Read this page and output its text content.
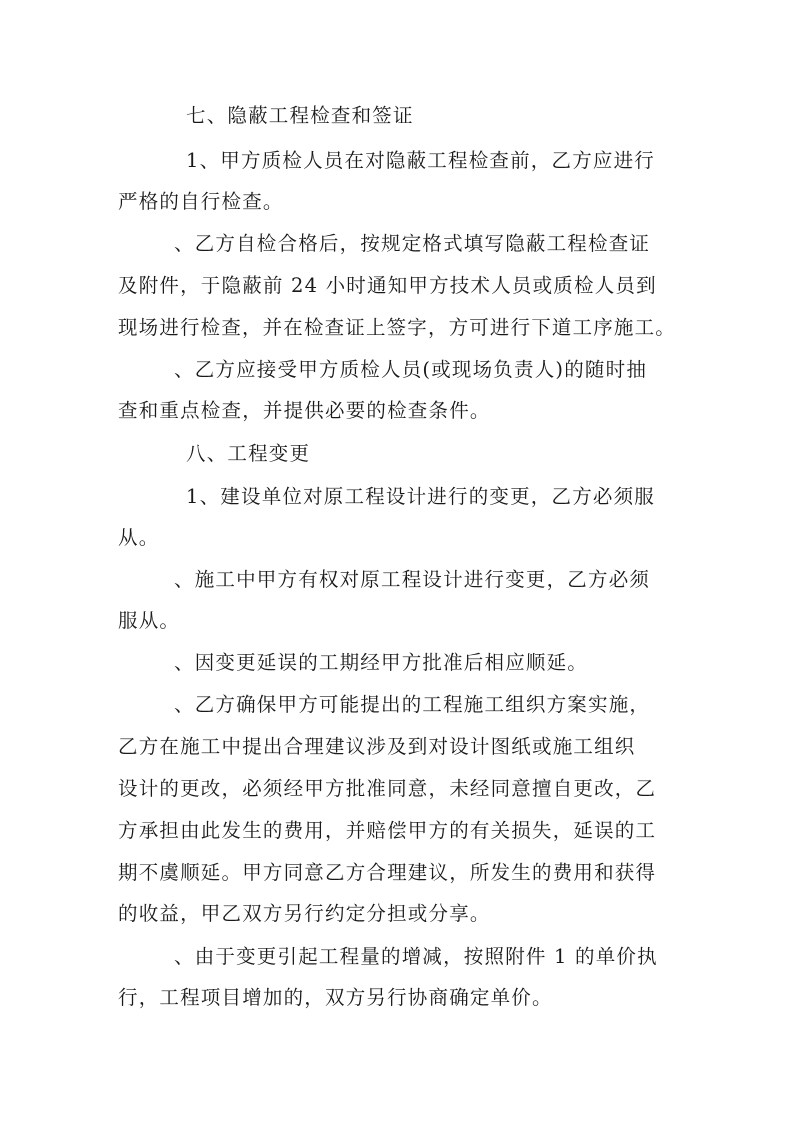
七、隐蔽工程检查和签证
1、甲方质检人员在对隐蔽工程检查前，乙方应进行
严格的自行检查。
、乙方自检合格后，按规定格式填写隐蔽工程检查证
及附件，于隐蔽前 24 小时通知甲方技术人员或质检人员到
现场进行检查，并在检查证上签字，方可进行下道工序施工。
、乙方应接受甲方质检人员(或现场负责人)的随时抽
查和重点检查，并提供必要的检查条件。
八、工程变更
1、建设单位对原工程设计进行的变更，乙方必须服
从。
、施工中甲方有权对原工程设计进行变更，乙方必须
服从。
、因变更延误的工期经甲方批准后相应顺延。
、乙方确保甲方可能提出的工程施工组织方案实施，
乙方在施工中提出合理建议涉及到对设计图纸或施工组织
设计的更改，必须经甲方批准同意，未经同意擅自更改，乙
方承担由此发生的费用，并赔偿甲方的有关损失，延误的工
期不虞顺延。甲方同意乙方合理建议，所发生的费用和获得
的收益，甲乙双方另行约定分担或分享。
、由于变更引起工程量的增减，按照附件 1 的单价执
行，工程项目增加的，双方另行协商确定单价。
